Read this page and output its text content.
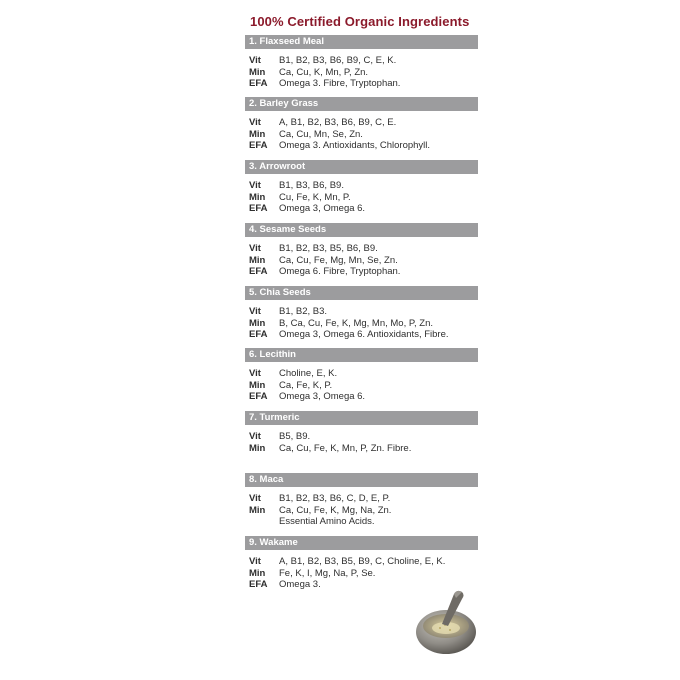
100% Certified Organic Ingredients
1. Flaxseed Meal
Vit	B1, B2, B3, B6, B9, C, E, K.
Min	Ca, Cu, K, Mn, P, Zn.
EFA	Omega 3. Fibre, Tryptophan.
2. Barley Grass
Vit	A, B1, B2, B3, B6, B9, C, E.
Min	Ca, Cu, Mn, Se, Zn.
EFA	Omega 3. Antioxidants, Chlorophyll.
3. Arrowroot
Vit	B1, B3, B6, B9.
Min	Cu, Fe, K, Mn, P.
EFA	Omega 3, Omega 6.
4. Sesame Seeds
Vit	B1, B2, B3, B5, B6, B9.
Min	Ca, Cu, Fe, Mg, Mn, Se, Zn.
EFA	Omega 6. Fibre, Tryptophan.
5. Chia Seeds
Vit	B1, B2, B3.
Min	B, Ca, Cu, Fe, K, Mg, Mn, Mo, P, Zn.
EFA	Omega 3, Omega 6. Antioxidants, Fibre.
6. Lecithin
Vit	Choline, E, K.
Min	Ca, Fe, K, P.
EFA	Omega 3, Omega 6.
7. Turmeric
Vit	B5, B9.
Min	Ca, Cu, Fe, K, Mn, P, Zn. Fibre.
8. Maca
Vit	B1, B2, B3, B6, C, D, E, P.
Min	Ca, Cu, Fe, K, Mg, Na, Zn.
Essential Amino Acids.
9. Wakame
Vit	A, B1, B2, B3, B5, B9, C, Choline, E, K.
Min	Fe, K, I, Mg, Na, P, Se.
EFA	Omega 3.
